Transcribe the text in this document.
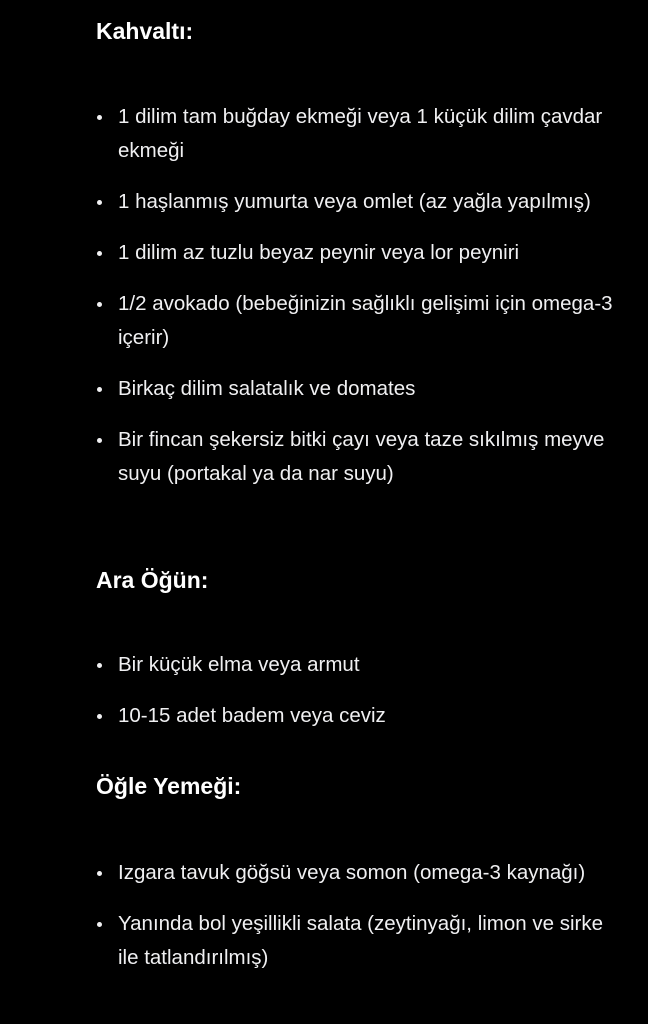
Kahvaltı:
1 dilim tam buğday ekmeği veya 1 küçük dilim çavdar ekmeği
1 haşlanmış yumurta veya omlet (az yağla yapılmış)
1 dilim az tuzlu beyaz peynir veya lor peyniri
1/2 avokado (bebeğinizin sağlıklı gelişimi için omega-3 içerir)
Birkaç dilim salatalık ve domates
Bir fincan şekersiz bitki çayı veya taze sıkılmış meyve suyu (portakal ya da nar suyu)
Ara Öğün:
Bir küçük elma veya armut
10-15 adet badem veya ceviz
Öğle Yemeği:
Izgara tavuk göğsü veya somon (omega-3 kaynağı)
Yanında bol yeşillikli salata (zeytinyağı, limon ve sirke ile tatlandırılmış)
